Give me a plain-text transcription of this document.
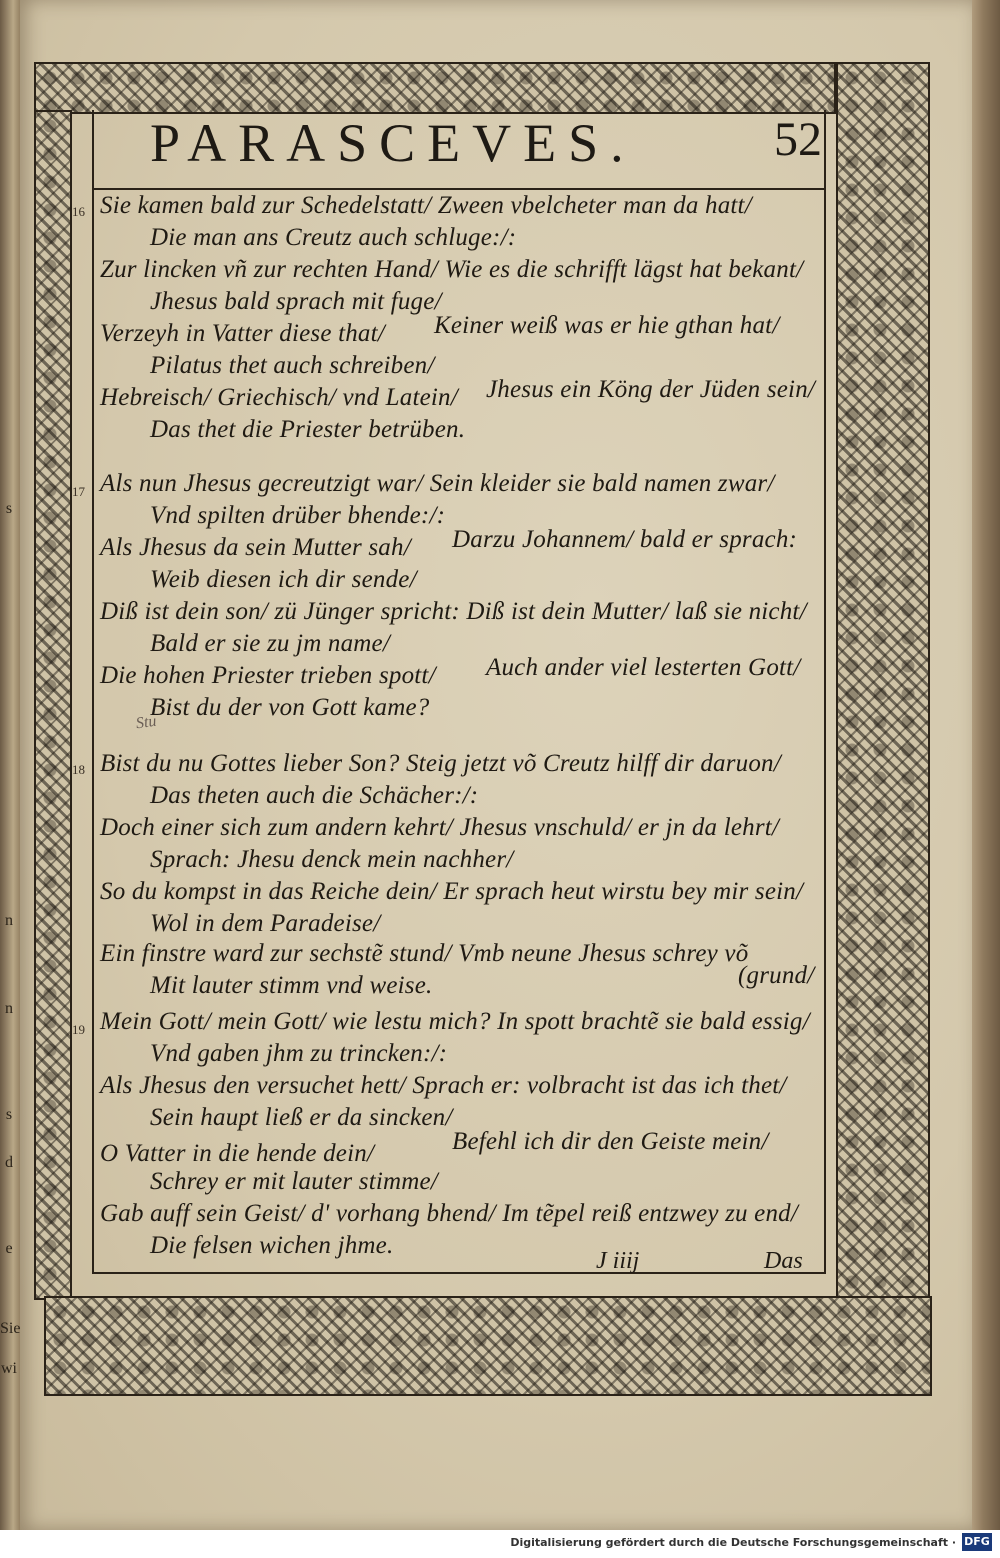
s
n
n
s
d
e
Sie
wi
PARASCEVES.	52
16
17
18
19
Sie kamen bald zur Schedelstatt/ Zween vbelcheter man da hatt/
Die man ans Creutz auch schluge:/:
Zur lincken vñ zur rechten Hand/ Wie es die schrifft lägst hat bekant/
Jhesus bald sprach mit fuge/
Verzeyh in Vatter diese that/ Keiner weiß was er hie gthan hat/
Pilatus thet auch schreiben/
Hebreisch/ Griechisch/ vnd Latein/ Jhesus ein Köng der Jüden sein/
Das thet die Priester betrüben.
Als nun Jhesus gecreutzigt war/ Sein kleider sie bald namen zwar/
Vnd spilten drüber bhende:/:
Als Jhesus da sein Mutter sah/ Darzu Johannem/ bald er sprach:
Weib diesen ich dir sende/
Diß ist dein son/ zü Jünger spricht: Diß ist dein Mutter/ laß sie nicht/
Bald er sie zu jm name/
Die hohen Priester trieben spott/ Auch ander viel lesterten Gott/
Bist du der von Gott kame?
Stu
Bist du nu Gottes lieber Son? Steig jetzt võ Creutz hilff dir daruon/
Das theten auch die Schächer:/:
Doch einer sich zum andern kehrt/ Jhesus vnschuld/ er jn da lehrt/
Sprach: Jhesu denck mein nachher/
So du kompst in das Reiche dein/ Er sprach heut wirstu bey mir sein/
Wol in dem Paradeise/
Ein finstre ward zur sechstẽ stund/ Vmb neune Jhesus schrey võ
Mit lauter stimm vnd weise.	(grund/
Mein Gott/ mein Gott/ wie lestu mich? In spott brachtẽ sie bald essig/
Vnd gaben jhm zu trincken:/:
Als Jhesus den versuchet hett/ Sprach er: volbracht ist das ich thet/
Sein haupt ließ er da sincken/
O Vatter in die hende dein/	Befehl ich dir den Geiste mein/
Schrey er mit lauter stimme/
Gab auff sein Geist/ d' vorhang bhend/ Im tẽpel reiß entzwey zu end/
Die felsen wichen jhme.
J iiij	Das
Digitalisierung gefördert durch die Deutsche Forschungsgemeinschaft · DFG
